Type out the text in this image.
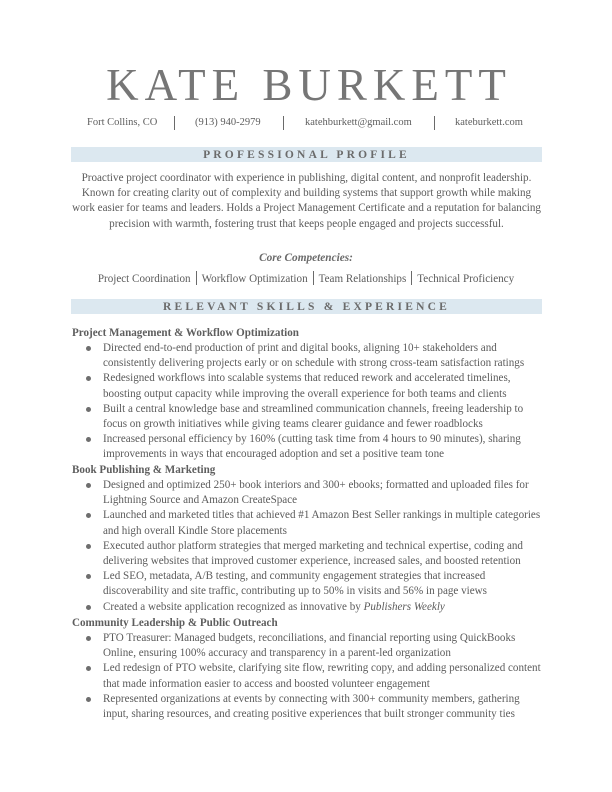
KATE BURKETT
Fort Collins, CO	(913) 940-2979	katehburkett@gmail.com	kateburkett.com
PROFESSIONAL PROFILE
Proactive project coordinator with experience in publishing, digital content, and nonprofit leadership. Known for creating clarity out of complexity and building systems that support growth while making work easier for teams and leaders. Holds a Project Management Certificate and a reputation for balancing precision with warmth, fostering trust that keeps people engaged and projects successful.
Core Competencies:
Project Coordination Workflow Optimization Team Relationships Technical Proficiency
RELEVANT SKILLS & EXPERIENCE
Project Management & Workflow Optimization
Directed end-to-end production of print and digital books, aligning 10+ stakeholders and consistently delivering projects early or on schedule with strong cross-team satisfaction ratings
Redesigned workflows into scalable systems that reduced rework and accelerated timelines, boosting output capacity while improving the overall experience for both teams and clients
Built a central knowledge base and streamlined communication channels, freeing leadership to focus on growth initiatives while giving teams clearer guidance and fewer roadblocks
Increased personal efficiency by 160% (cutting task time from 4 hours to 90 minutes), sharing improvements in ways that encouraged adoption and set a positive team tone
Book Publishing & Marketing
Designed and optimized 250+ book interiors and 300+ ebooks; formatted and uploaded files for Lightning Source and Amazon CreateSpace
Launched and marketed titles that achieved #1 Amazon Best Seller rankings in multiple categories and high overall Kindle Store placements
Executed author platform strategies that merged marketing and technical expertise, coding and delivering websites that improved customer experience, increased sales, and boosted retention
Led SEO, metadata, A/B testing, and community engagement strategies that increased discoverability and site traffic, contributing up to 50% in visits and 56% in page views
Created a website application recognized as innovative by Publishers Weekly
Community Leadership & Public Outreach
PTO Treasurer: Managed budgets, reconciliations, and financial reporting using QuickBooks Online, ensuring 100% accuracy and transparency in a parent-led organization
Led redesign of PTO website, clarifying site flow, rewriting copy, and adding personalized content that made information easier to access and boosted volunteer engagement
Represented organizations at events by connecting with 300+ community members, gathering input, sharing resources, and creating positive experiences that built stronger community ties
